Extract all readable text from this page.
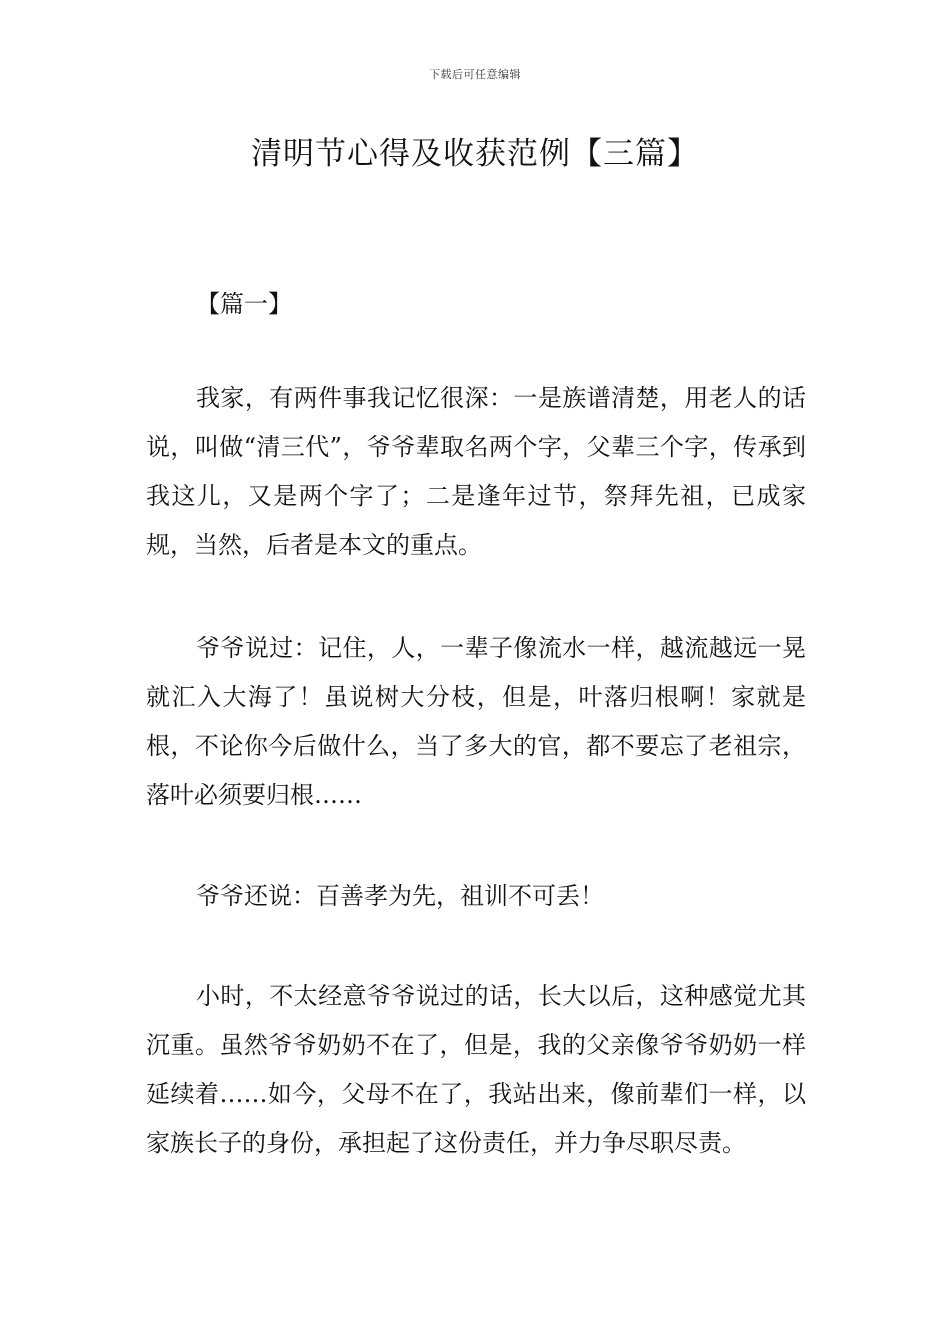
下载后可任意编辑
清明节心得及收获范例【三篇】

【篇一】

我家，有两件事我记忆很深：一是族谱清楚，用老人的话说，叫做“清三代”，爷爷辈取名两个字，父辈三个字，传承到我这儿，又是两个字了；二是逢年过节，祭拜先祖，已成家规，当然，后者是本文的重点。

爷爷说过：记住，人，一辈子像流水一样，越流越远一晃就汇入大海了！虽说树大分枝，但是，叶落归根啊！家就是根，不论你今后做什么，当了多大的官，都不要忘了老祖宗，落叶必须要归根……

爷爷还说：百善孝为先，祖训不可丢！

小时，不太经意爷爷说过的话，长大以后，这种感觉尤其沉重。虽然爷爷奶奶不在了，但是，我的父亲像爷爷奶奶一样延续着……如今，父母不在了，我站出来，像前辈们一样，以家族长子的身份，承担起了这份责任，并力争尽职尽责。
